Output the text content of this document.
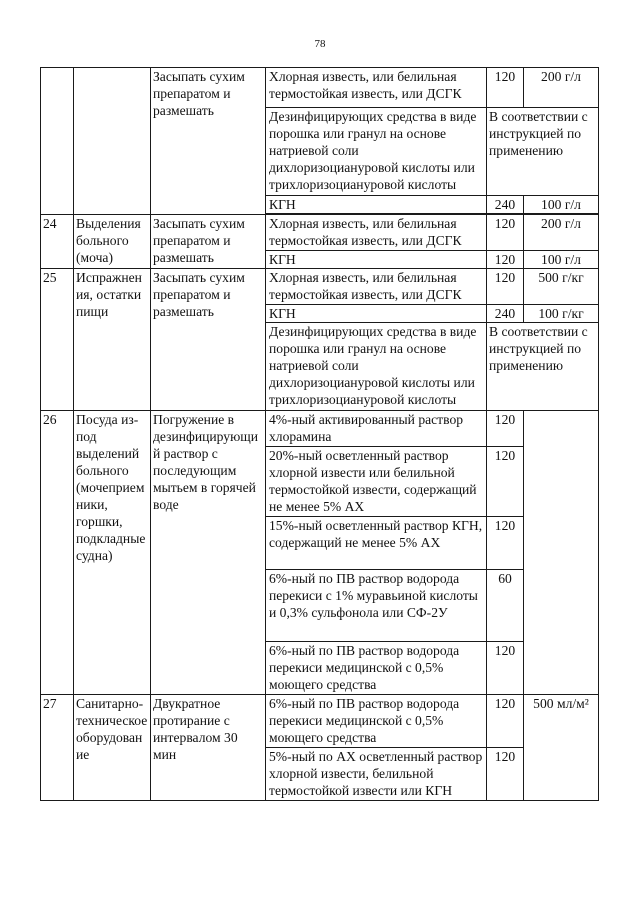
78
		Засыпать сухим препаратом и размешать	Хлорная известь, или белильная термостойкая известь, или ДСГК	120	200 г/л
			Дезинфицирующих средства в виде порошка или гранул на основе натриевой соли дихлоризоциануровой кислоты или трихлоризоциануровой кислоты	В соответствии с инструкцией по применению	
			КГН	240	100 г/л

24	Выделения больного (моча)	Засыпать сухим препаратом и размешать	Хлорная известь, или белильная термостойкая известь, или ДСГК	120	200 г/л
			КГН	120	100 г/л
25	Испражнения, остатки пищи	Засыпать сухим препаратом и размешать	Хлорная известь, или белильная термостойкая известь, или ДСГК	120	500 г/кг
			КГН	240	100 г/кг
			Дезинфицирующих средства в виде порошка или гранул на основе натриевой соли дихлоризоциануровой кислоты или трихлоризоциануровой кислоты	В соответствии с инструкцией по применению	
26	Посуда из-под выделений больного (мочеприемники, горшки, подкладные судна)	Погружение в дезинфицирующий раствор с последующим мытьем в горячей воде	4%-ный активированный раствор хлорамина	120	
			20%-ный осветленный раствор хлорной извести или белильной термостойкой извести, содержащий не менее 5% АХ	120	
			15%-ный осветленный раствор КГН, содержащий не менее 5% АХ	120	
			6%-ный по ПВ раствор водорода перекиси с 1% муравьиной кислоты и 0,3% сульфонола или СФ-2У	60	
			6%-ный по ПВ раствор водорода перекиси медицинской с 0,5% моющего средства	120	
27	Санитарно-техническое оборудование	Двукратное протирание с интервалом 30 мин	6%-ный по ПВ раствор водорода перекиси медицинской с 0,5% моющего средства	120	500 мл/м²
			5%-ный по АХ осветленный раствор хлорной извести, белильной термостойкой извести или КГН	120	
